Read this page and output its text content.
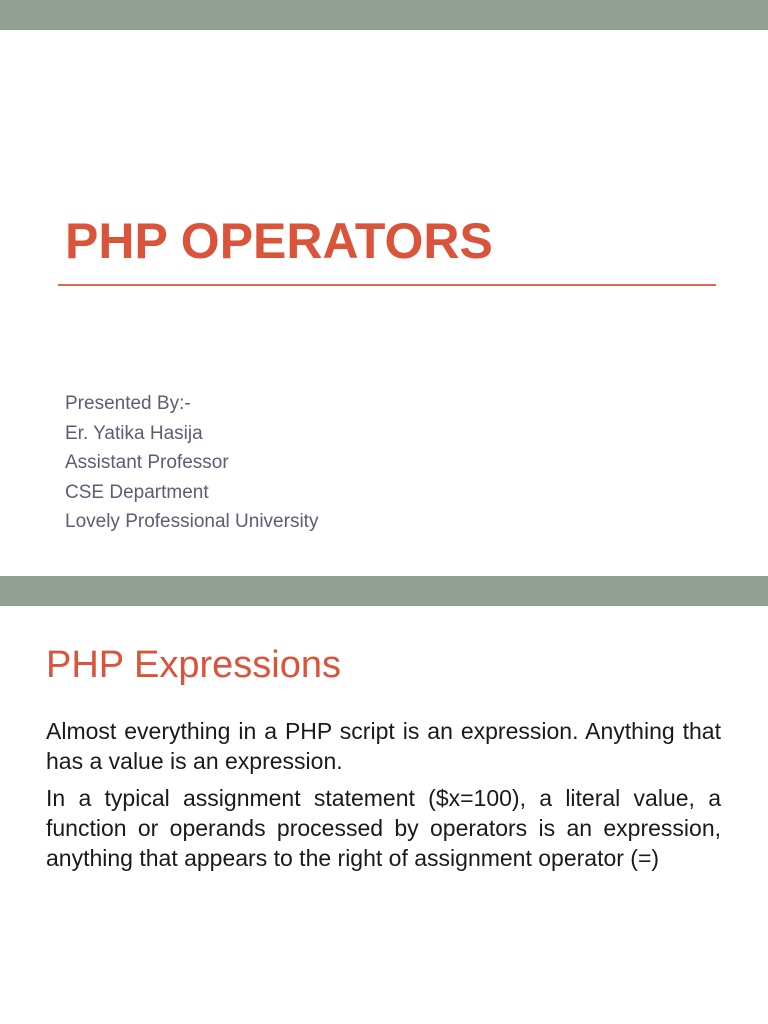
PHP OPERATORS
Presented By:-
Er. Yatika Hasija
Assistant Professor
CSE Department
Lovely Professional University
PHP Expressions

Almost everything in a PHP script is an expression. Anything that has a value is an expression.

In a typical assignment statement ($x=100), a literal value, a function or operands processed by operators is an expression, anything that appears to the right of assignment operator (=)
